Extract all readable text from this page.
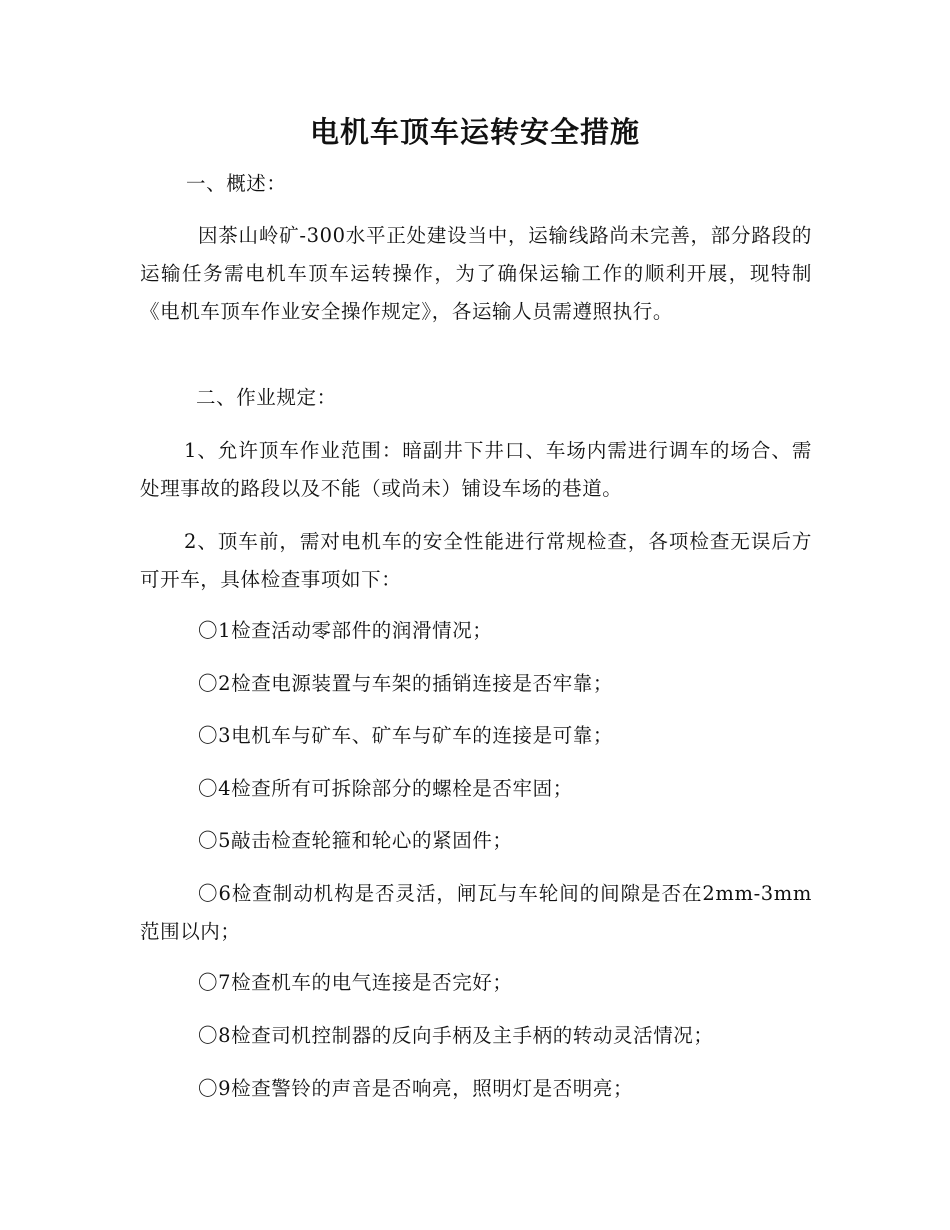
电机车顶车运转安全措施
一、概述：

因茶山岭矿-300水平正处建设当中，运输线路尚未完善，部分路段的运输任务需电机车顶车运转操作，为了确保运输工作的顺利开展，现特制《电机车顶车作业安全操作规定》，各运输人员需遵照执行。

二、作业规定：

1、允许顶车作业范围：暗副井下井口、车场内需进行调车的场合、需处理事故的路段以及不能（或尚未）铺设车场的巷道。

2、顶车前，需对电机车的安全性能进行常规检查，各项检查无误后方可开车，具体检查事项如下：

〇1检查活动零部件的润滑情况；
〇2检查电源装置与车架的插销连接是否牢靠；
〇3电机车与矿车、矿车与矿车的连接是可靠；
〇4检查所有可拆除部分的螺栓是否牢固；
〇5敲击检查轮箍和轮心的紧固件；

〇6检查制动机构是否灵活，闸瓦与车轮间的间隙是否在2mm-3mm范围以内；

〇7检查机车的电气连接是否完好；
〇8检查司机控制器的反向手柄及主手柄的转动灵活情况；
〇9检查警铃的声音是否响亮，照明灯是否明亮；
